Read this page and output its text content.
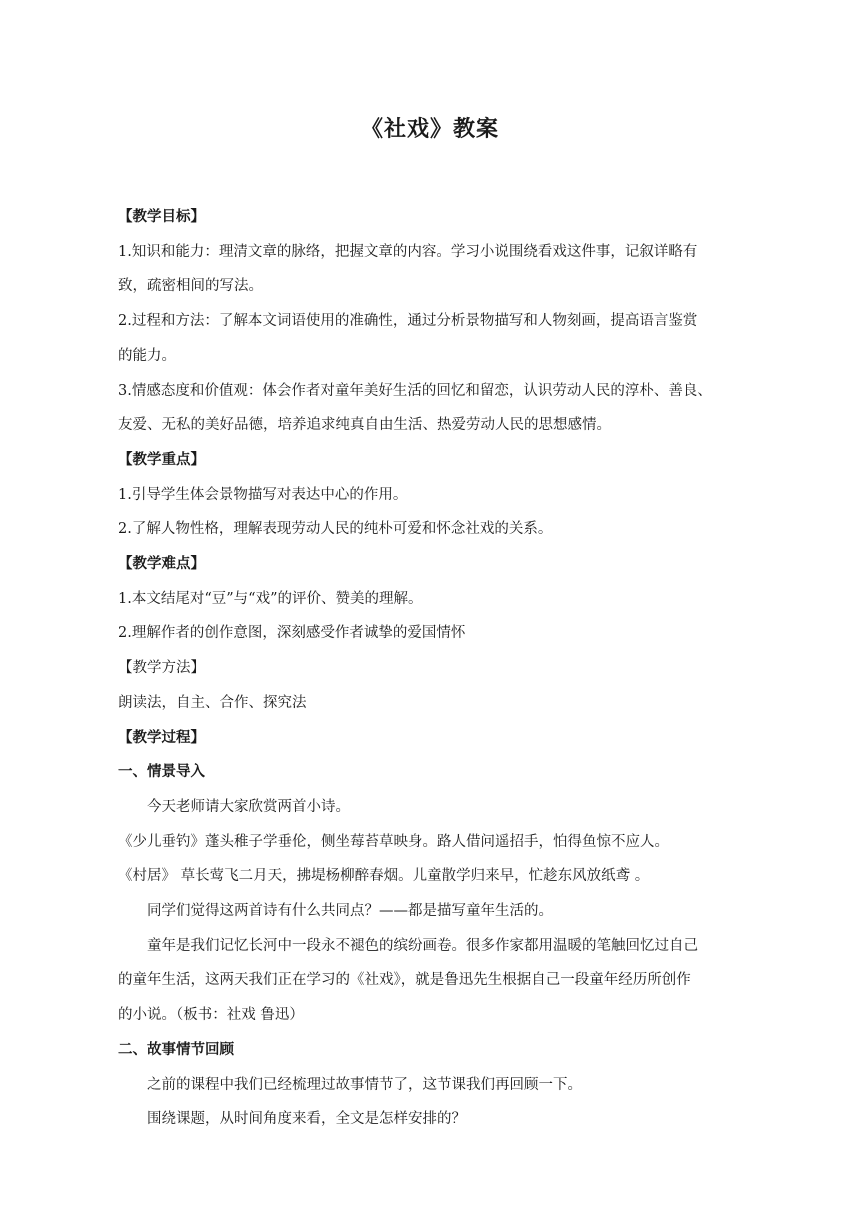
《社戏》教案
【教学目标】
1.知识和能力：理清文章的脉络，把握文章的内容。学习小说围绕看戏这件事，记叙详略有
致，疏密相间的写法。
2.过程和方法：了解本文词语使用的准确性，通过分析景物描写和人物刻画，提高语言鉴赏
的能力。
3.情感态度和价值观：体会作者对童年美好生活的回忆和留恋，认识劳动人民的淳朴、善良、
友爱、无私的美好品德，培养追求纯真自由生活、热爱劳动人民的思想感情。
【教学重点】
1.引导学生体会景物描写对表达中心的作用。
2.了解人物性格，理解表现劳动人民的纯朴可爱和怀念社戏的关系。
【教学难点】
1.本文结尾对“豆”与“戏”的评价、赞美的理解。
2.理解作者的创作意图，深刻感受作者诚挚的爱国情怀
【教学方法】
朗读法，自主、合作、探究法
【教学过程】
一、情景导入
今天老师请大家欣赏两首小诗。
《少儿垂钓》蓬头稚子学垂伦，侧坐莓苔草映身。路人借问遥招手，怕得鱼惊不应人。
《村居》 草长莺飞二月天，拂堤杨柳醉春烟。儿童散学归来早，忙趁东风放纸鸢 。
同学们觉得这两首诗有什么共同点？——都是描写童年生活的。
童年是我们记忆长河中一段永不褪色的缤纷画卷。很多作家都用温暖的笔触回忆过自己
的童年生活，这两天我们正在学习的《社戏》，就是鲁迅先生根据自己一段童年经历所创作
的小说。（板书：社戏 鲁迅）
二、故事情节回顾
之前的课程中我们已经梳理过故事情节了，这节课我们再回顾一下。
围绕课题，从时间角度来看，全文是怎样安排的？
